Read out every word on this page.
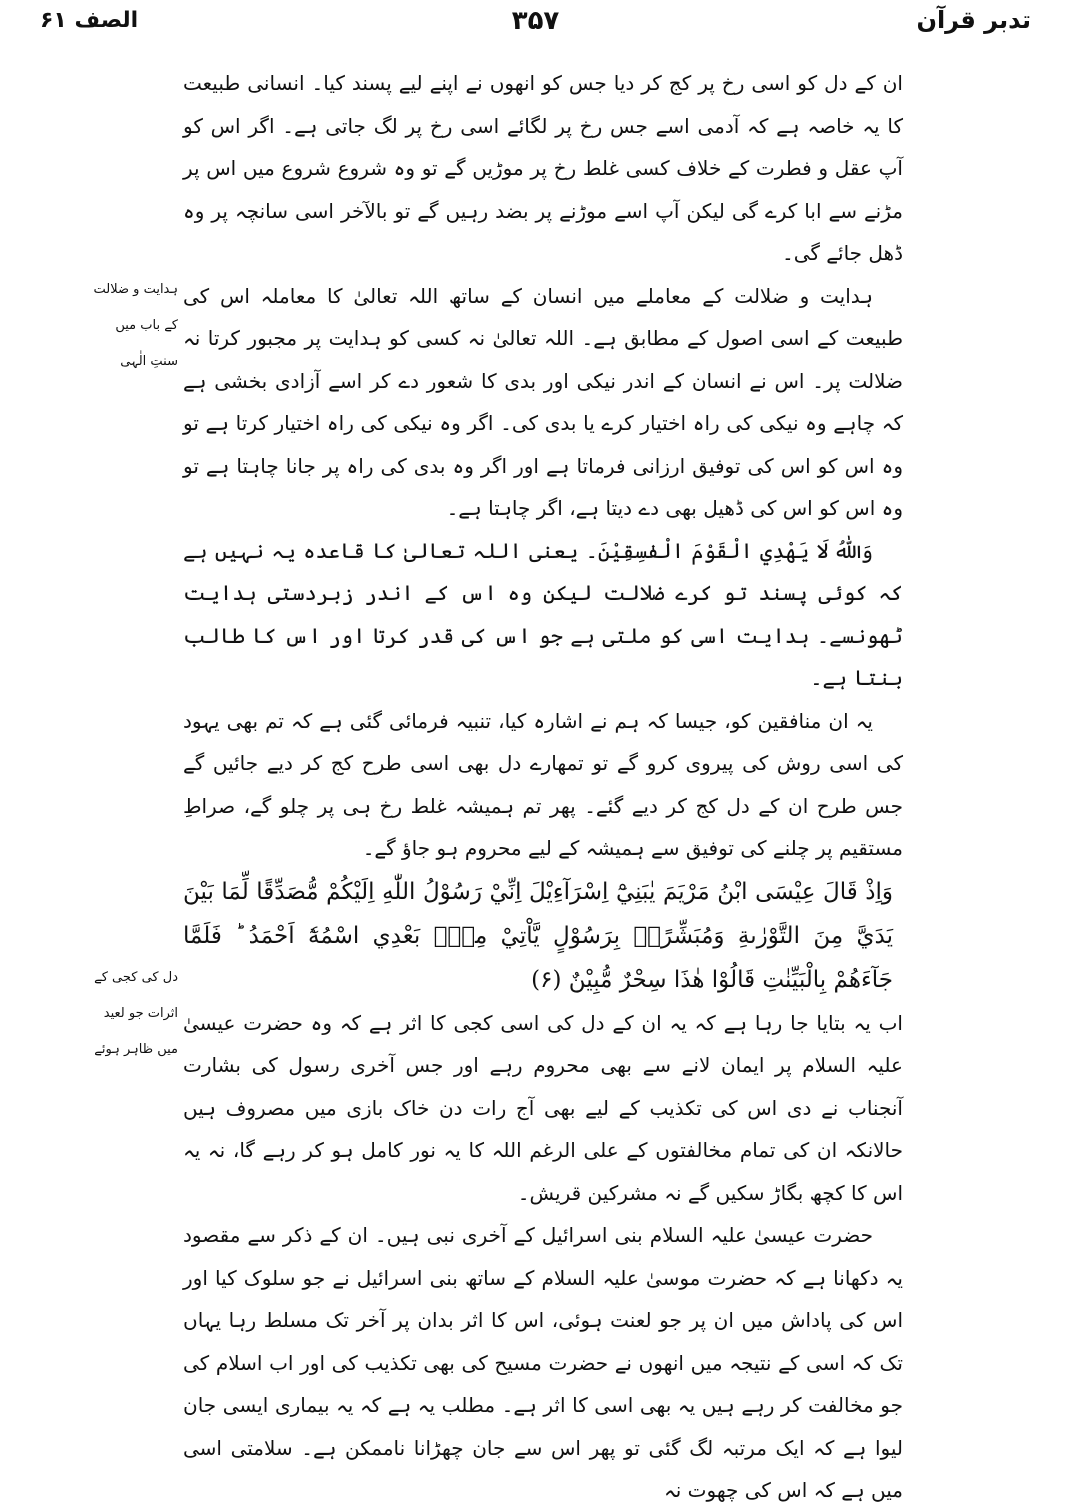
تدبر قرآن
۳۵۷
الصف ۶۱

ان کے دل کو اسی رخ پر کج کر دیا جس کو انھوں نے اپنے لیے پسند کیا۔ انسانی طبیعت کا یہ خاصہ ہے کہ آدمی اسے جس رخ پر لگائے اسی رخ پر لگ جاتی ہے۔ اگر اس کو آپ عقل و فطرت کے خلاف کسی غلط رخ پر موڑیں گے تو وہ شروع شروع میں اس پر مڑنے سے ابا کرے گی لیکن آپ اسے موڑنے پر بضد رہیں گے تو بالآخر اسی سانچہ پر وہ ڈھل جائے گی۔

ہدایت و ضلالت کے معاملے میں انسان کے ساتھ اللہ تعالیٰ کا معاملہ اس کی طبیعت کے اسی اصول کے مطابق ہے۔ اللہ تعالیٰ نہ کسی کو ہدایت پر مجبور کرتا نہ ضلالت پر۔ اس نے انسان کے اندر نیکی اور بدی کا شعور دے کر اسے آزادی بخشی ہے کہ چاہے وہ نیکی کی راہ اختیار کرے یا بدی کی۔ اگر وہ نیکی کی راہ اختیار کرتا ہے تو وہ اس کو اس کی توفیق ارزانی فرماتا ہے اور اگر وہ بدی کی راہ پر جانا چاہتا ہے تو وہ اس کو اس کی ڈھیل بھی دے دیتا ہے، اگر چاہتا ہے۔

وَاللّٰهُ لَا يَهْدِي الْقَوْمَ الْفٰسِقِيْنَ۔ یعنی اللہ تعالیٰ کا قاعدہ یہ نہیں ہے کہ کوئی پسند تو کرے ضلالت لیکن وہ اس کے اندر زبردستی ہدایت ٹھونسے۔ ہدایت اسی کو ملتی ہے جو اس کی قدر کرتا اور اس کا طالب بنتا ہے۔

یہ ان منافقین کو، جیسا کہ ہم نے اشارہ کیا، تنبیہ فرمائی گئی ہے کہ تم بھی یہود کی اسی روش کی پیروی کرو گے تو تمھارے دل بھی اسی طرح کج کر دیے جائیں گے جس طرح ان کے دل کج کر دیے گئے۔ پھر تم ہمیشہ غلط رخ ہی پر چلو گے، صراطِ مستقیم پر چلنے کی توفیق سے ہمیشہ کے لیے محروم ہو جاؤ گے۔

وَاِذْ قَالَ عِيْسَى ابْنُ مَرْيَمَ يٰبَنِيْٓ اِسْرَآءِيْلَ اِنِّيْ رَسُوْلُ اللّٰهِ اِلَيْكُمْ مُّصَدِّقًا لِّمَا بَيْنَ يَدَيَّ مِنَ التَّوْرٰىةِ وَمُبَشِّرًاۢ بِرَسُوْلٍ يَّاْتِيْ مِنْۢ بَعْدِي اسْمُهٗٓ اَحْمَدُ ؕ فَلَمَّا جَآءَهُمْ بِالْبَيِّنٰتِ قَالُوْا هٰذَا سِحْرٌ مُّبِيْنٌ (۶)

اب یہ بتایا جا رہا ہے کہ یہ ان کے دل کی اسی کجی کا اثر ہے کہ وہ حضرت عیسیٰ علیہ السلام پر ایمان لانے سے بھی محروم رہے اور جس آخری رسول کی بشارت آنجناب نے دی اس کی تکذیب کے لیے بھی آج رات دن خاک بازی میں مصروف ہیں حالانکہ ان کی تمام مخالفتوں کے علی الرغم اللہ کا یہ نور کامل ہو کر رہے گا، نہ یہ اس کا کچھ بگاڑ سکیں گے نہ مشرکین قریش۔

حضرت عیسیٰ علیہ السلام بنی اسرائیل کے آخری نبی ہیں۔ ان کے ذکر سے مقصود یہ دکھانا ہے کہ حضرت موسیٰ علیہ السلام کے ساتھ بنی اسرائیل نے جو سلوک کیا اور اس کی پاداش میں ان پر جو لعنت ہوئی، اس کا اثر بدان پر آخر تک مسلط رہا یہاں تک کہ اسی کے نتیجہ میں انھوں نے حضرت مسیح کی بھی تکذیب کی اور اب اسلام کی جو مخالفت کر رہے ہیں یہ بھی اسی کا اثر ہے۔ مطلب یہ ہے کہ یہ بیماری ایسی جان لیوا ہے کہ ایک مرتبہ لگ گئی تو پھر اس سے جان چھڑانا ناممکن ہے۔ سلامتی اسی میں ہے کہ اس کی چھوت نہ

ہدایت و ضلالت
کے باب میں
سنتِ الٰہی
دل کی کجی کے
اثرات جو لعید
میں ظاہر ہوئے
